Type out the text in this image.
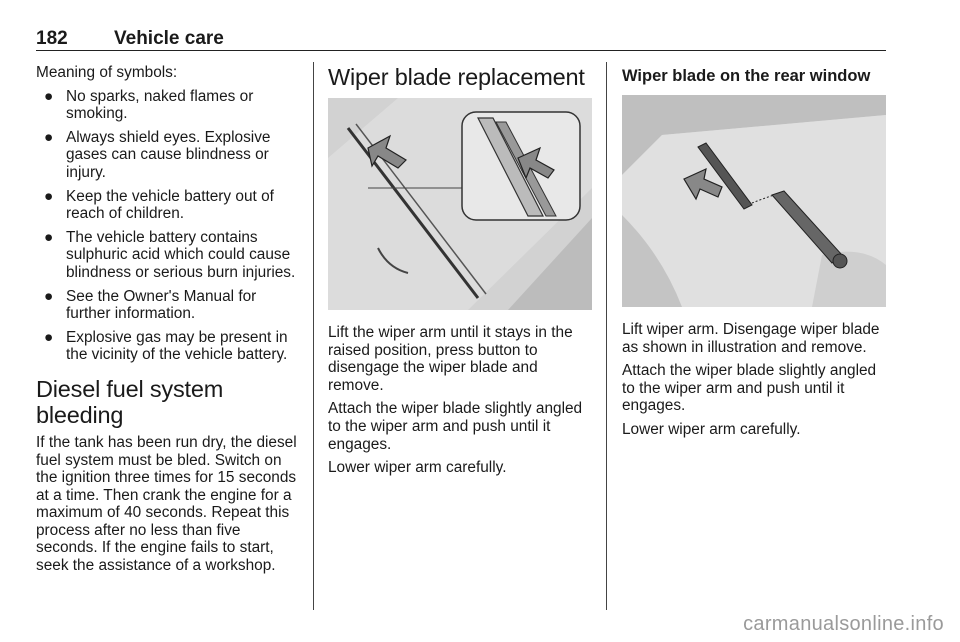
182 Vehicle care

Meaning of symbols:

● No sparks, naked flames or smoking.
● Always shield eyes. Explosive gases can cause blindness or injury.
● Keep the vehicle battery out of reach of children.
● The vehicle battery contains sulphuric acid which could cause blindness or serious burn injuries.
● See the Owner's Manual for further information.
● Explosive gas may be present in the vicinity of the vehicle battery.
Diesel fuel system bleeding

If the tank has been run dry, the diesel fuel system must be bled. Switch on the ignition three times for 15 seconds at a time. Then crank the engine for a maximum of 40 seconds. Repeat this process after no less than five seconds. If the engine fails to start, seek the assistance of a workshop.

Wiper blade replacement

Lift the wiper arm until it stays in the raised position, press button to disengage the wiper blade and remove.

Attach the wiper blade slightly angled to the wiper arm and push until it engages.

Lower wiper arm carefully.

Wiper blade on the rear window

Lift wiper arm. Disengage wiper blade as shown in illustration and remove.

Attach the wiper blade slightly angled to the wiper arm and push until it engages.

Lower wiper arm carefully.

carmanualsonline.info
